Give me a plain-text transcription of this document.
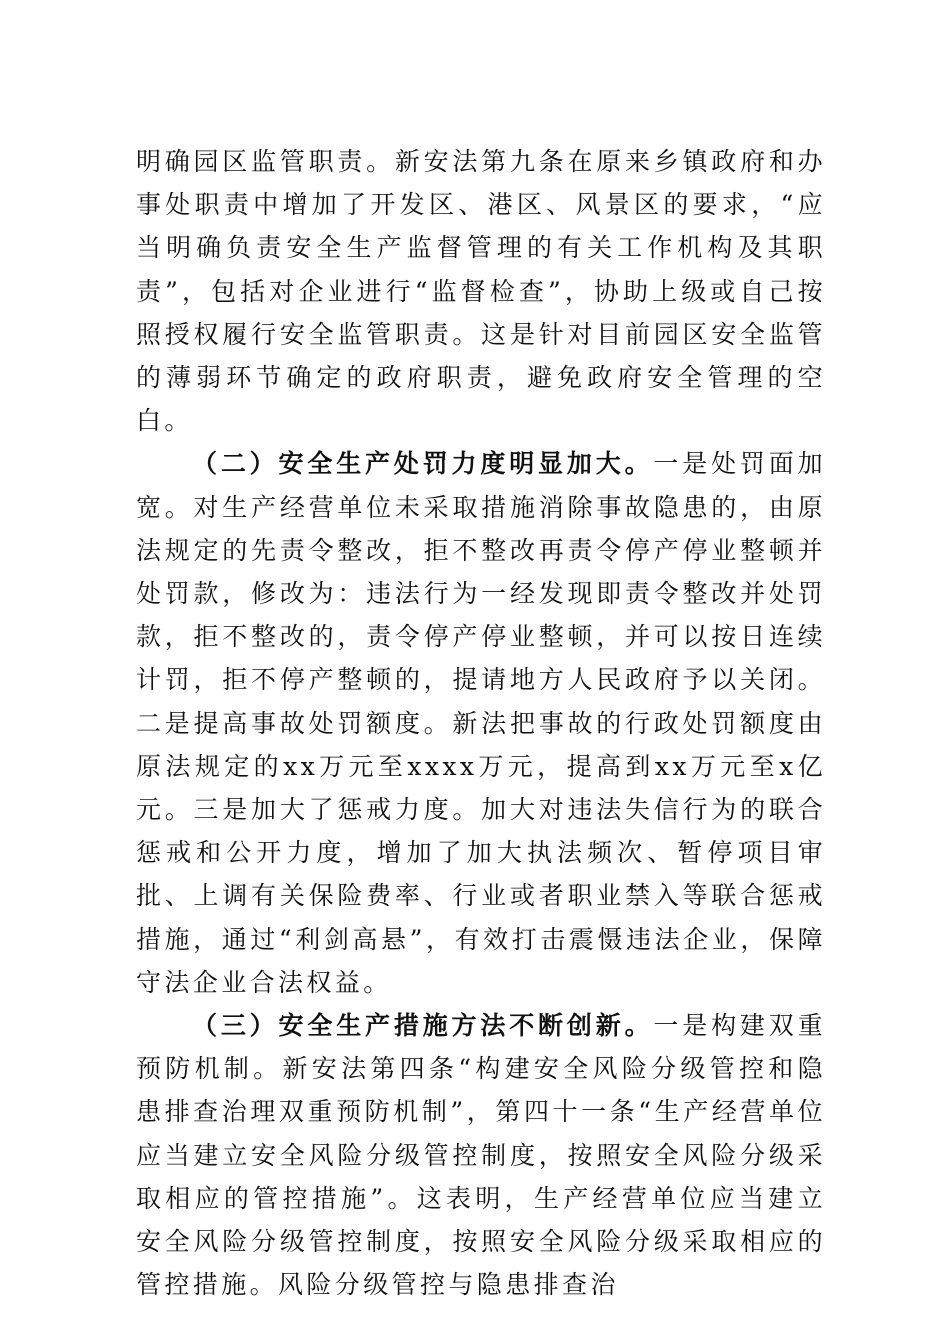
明确园区监管职责。新安法第九条在原来乡镇政府和办事处职责中增加了开发区、港区、风景区的要求，“应当明确负责安全生产监督管理的有关工作机构及其职责”，包括对企业进行“监督检查”，协助上级或自己按照授权履行安全监管职责。这是针对目前园区安全监管的薄弱环节确定的政府职责，避免政府安全管理的空白。

（二）安全生产处罚力度明显加大。一是处罚面加宽。对生产经营单位未采取措施消除事故隐患的，由原法规定的先责令整改，拒不整改再责令停产停业整顿并处罚款，修改为：违法行为一经发现即责令整改并处罚款，拒不整改的，责令停产停业整顿，并可以按日连续计罚，拒不停产整顿的，提请地方人民政府予以关闭。二是提高事故处罚额度。新法把事故的行政处罚额度由原法规定的xx万元至xxxx万元，提高到xx万元至x亿元。三是加大了惩戒力度。加大对违法失信行为的联合惩戒和公开力度，增加了加大执法频次、暂停项目审批、上调有关保险费率、行业或者职业禁入等联合惩戒措施，通过“利剑高悬”，有效打击震慑违法企业，保障守法企业合法权益。

（三）安全生产措施方法不断创新。一是构建双重预防机制。新安法第四条“构建安全风险分级管控和隐患排查治理双重预防机制”，第四十一条“生产经营单位应当建立安全风险分级管控制度，按照安全风险分级采取相应的管控措施”。这表明，生产经营单位应当建立安全风险分级管控制度，按照安全风险分级采取相应的管控措施。风险分级管控与隐患排查治
